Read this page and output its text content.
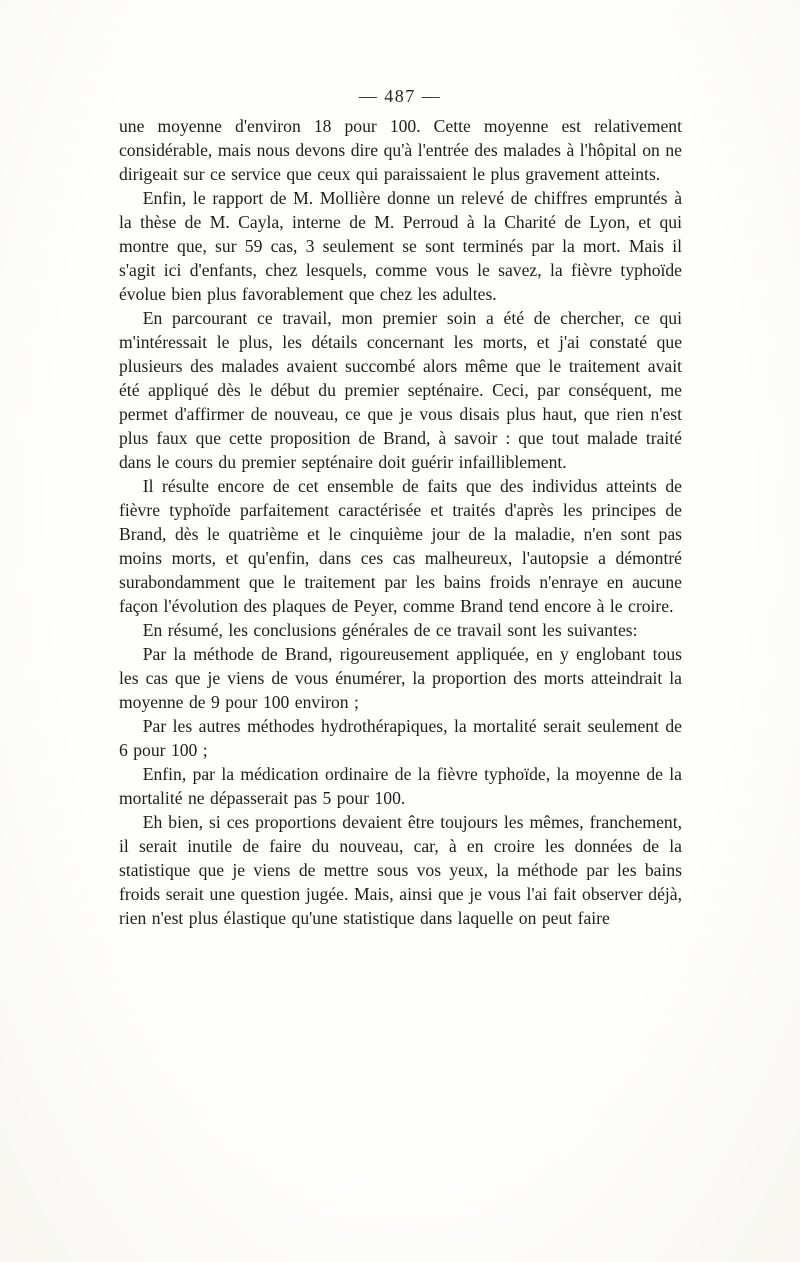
— 487 —

une moyenne d'environ 18 pour 100. Cette moyenne est relativement considérable, mais nous devons dire qu'à l'entrée des malades à l'hôpital on ne dirigeait sur ce service que ceux qui paraissaient le plus gravement atteints.

Enfin, le rapport de M. Mollière donne un relevé de chiffres empruntés à la thèse de M. Cayla, interne de M. Perroud à la Charité de Lyon, et qui montre que, sur 59 cas, 3 seulement se sont terminés par la mort. Mais il s'agit ici d'enfants, chez lesquels, comme vous le savez, la fièvre typhoïde évolue bien plus favorablement que chez les adultes.

En parcourant ce travail, mon premier soin a été de chercher, ce qui m'intéressait le plus, les détails concernant les morts, et j'ai constaté que plusieurs des malades avaient succombé alors même que le traitement avait été appliqué dès le début du premier septénaire. Ceci, par conséquent, me permet d'affirmer de nouveau, ce que je vous disais plus haut, que rien n'est plus faux que cette proposition de Brand, à savoir : que tout malade traité dans le cours du premier septénaire doit guérir infailliblement.

Il résulte encore de cet ensemble de faits que des individus atteints de fièvre typhoïde parfaitement caractérisée et traités d'après les principes de Brand, dès le quatrième et le cinquième jour de la maladie, n'en sont pas moins morts, et qu'enfin, dans ces cas malheureux, l'autopsie a démontré surabondamment que le traitement par les bains froids n'enraye en aucune façon l'évolution des plaques de Peyer, comme Brand tend encore à le croire.

En résumé, les conclusions générales de ce travail sont les suivantes:

Par la méthode de Brand, rigoureusement appliquée, en y englobant tous les cas que je viens de vous énumérer, la proportion des morts atteindrait la moyenne de 9 pour 100 environ ;

Par les autres méthodes hydrothérapiques, la mortalité serait seulement de 6 pour 100 ;

Enfin, par la médication ordinaire de la fièvre typhoïde, la moyenne de la mortalité ne dépasserait pas 5 pour 100.

Eh bien, si ces proportions devaient être toujours les mêmes, franchement, il serait inutile de faire du nouveau, car, à en croire les données de la statistique que je viens de mettre sous vos yeux, la méthode par les bains froids serait une question jugée. Mais, ainsi que je vous l'ai fait observer déjà, rien n'est plus élastique qu'une statistique dans laquelle on peut faire
